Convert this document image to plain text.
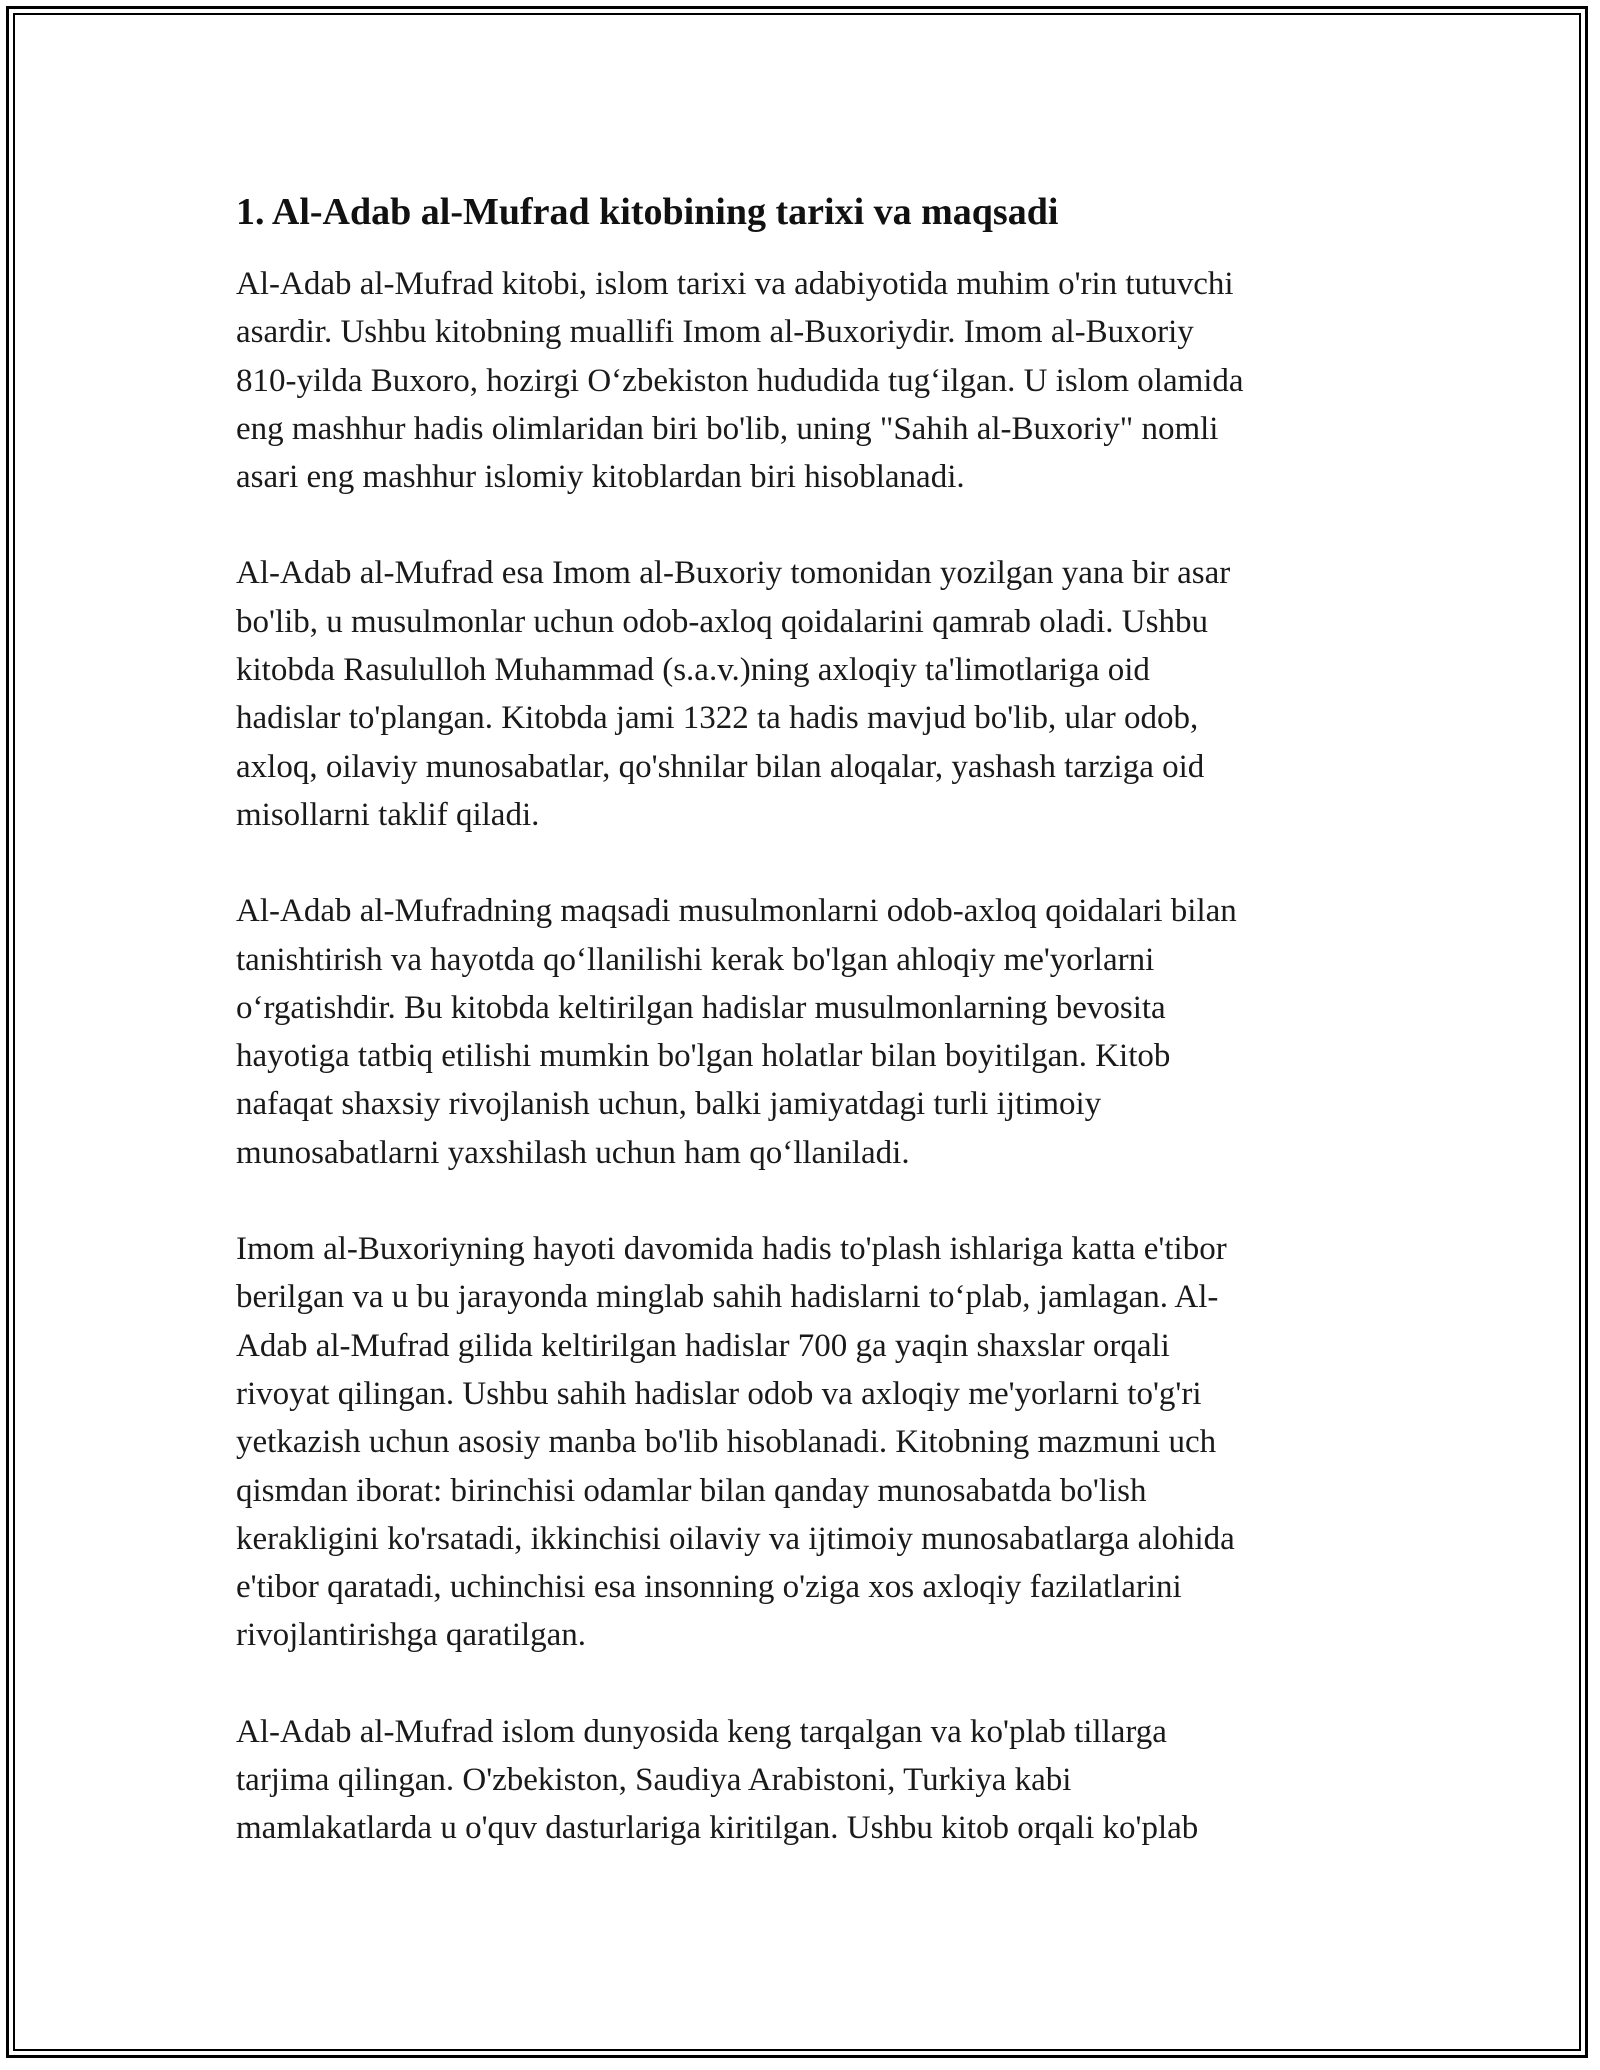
1. Al-Adab al-Mufrad kitobining tarixi va maqsadi

Al-Adab al-Mufrad kitobi, islom tarixi va adabiyotida muhim o'rin tutuvchi
asardir. Ushbu kitobning muallifi Imom al-Buxoriydir. Imom al-Buxoriy
810-yilda Buxoro, hozirgi O‘zbekiston hududida tug‘ilgan. U islom olamida
eng mashhur hadis olimlaridan biri bo'lib, uning "Sahih al-Buxoriy" nomli
asari eng mashhur islomiy kitoblardan biri hisoblanadi.

Al-Adab al-Mufrad esa Imom al-Buxoriy tomonidan yozilgan yana bir asar
bo'lib, u musulmonlar uchun odob-axloq qoidalarini qamrab oladi. Ushbu
kitobda Rasululloh Muhammad (s.a.v.)ning axloqiy ta'limotlariga oid
hadislar to'plangan. Kitobda jami 1322 ta hadis mavjud bo'lib, ular odob,
axloq, oilaviy munosabatlar, qo'shnilar bilan aloqalar, yashash tarziga oid
misollarni taklif qiladi.

Al-Adab al-Mufradning maqsadi musulmonlarni odob-axloq qoidalari bilan
tanishtirish va hayotda qo‘llanilishi kerak bo'lgan ahloqiy me'yorlarni
o‘rgatishdir. Bu kitobda keltirilgan hadislar musulmonlarning bevosita
hayotiga tatbiq etilishi mumkin bo'lgan holatlar bilan boyitilgan. Kitob
nafaqat shaxsiy rivojlanish uchun, balki jamiyatdagi turli ijtimoiy
munosabatlarni yaxshilash uchun ham qo‘llaniladi.

Imom al-Buxoriyning hayoti davomida hadis to'plash ishlariga katta e'tibor
berilgan va u bu jarayonda minglab sahih hadislarni to‘plab, jamlagan. Al-
Adab al-Mufrad gilida keltirilgan hadislar 700 ga yaqin shaxslar orqali
rivoyat qilingan. Ushbu sahih hadislar odob va axloqiy me'yorlarni to'g'ri
yetkazish uchun asosiy manba bo'lib hisoblanadi. Kitobning mazmuni uch
qismdan iborat: birinchisi odamlar bilan qanday munosabatda bo'lish
kerakligini ko'rsatadi, ikkinchisi oilaviy va ijtimoiy munosabatlarga alohida
e'tibor qaratadi, uchinchisi esa insonning o'ziga xos axloqiy fazilatlarini
rivojlantirishga qaratilgan.

Al-Adab al-Mufrad islom dunyosida keng tarqalgan va ko'plab tillarga
tarjima qilingan. O'zbekiston, Saudiya Arabistoni, Turkiya kabi
mamlakatlarda u o'quv dasturlariga kiritilgan. Ushbu kitob orqali ko'plab
